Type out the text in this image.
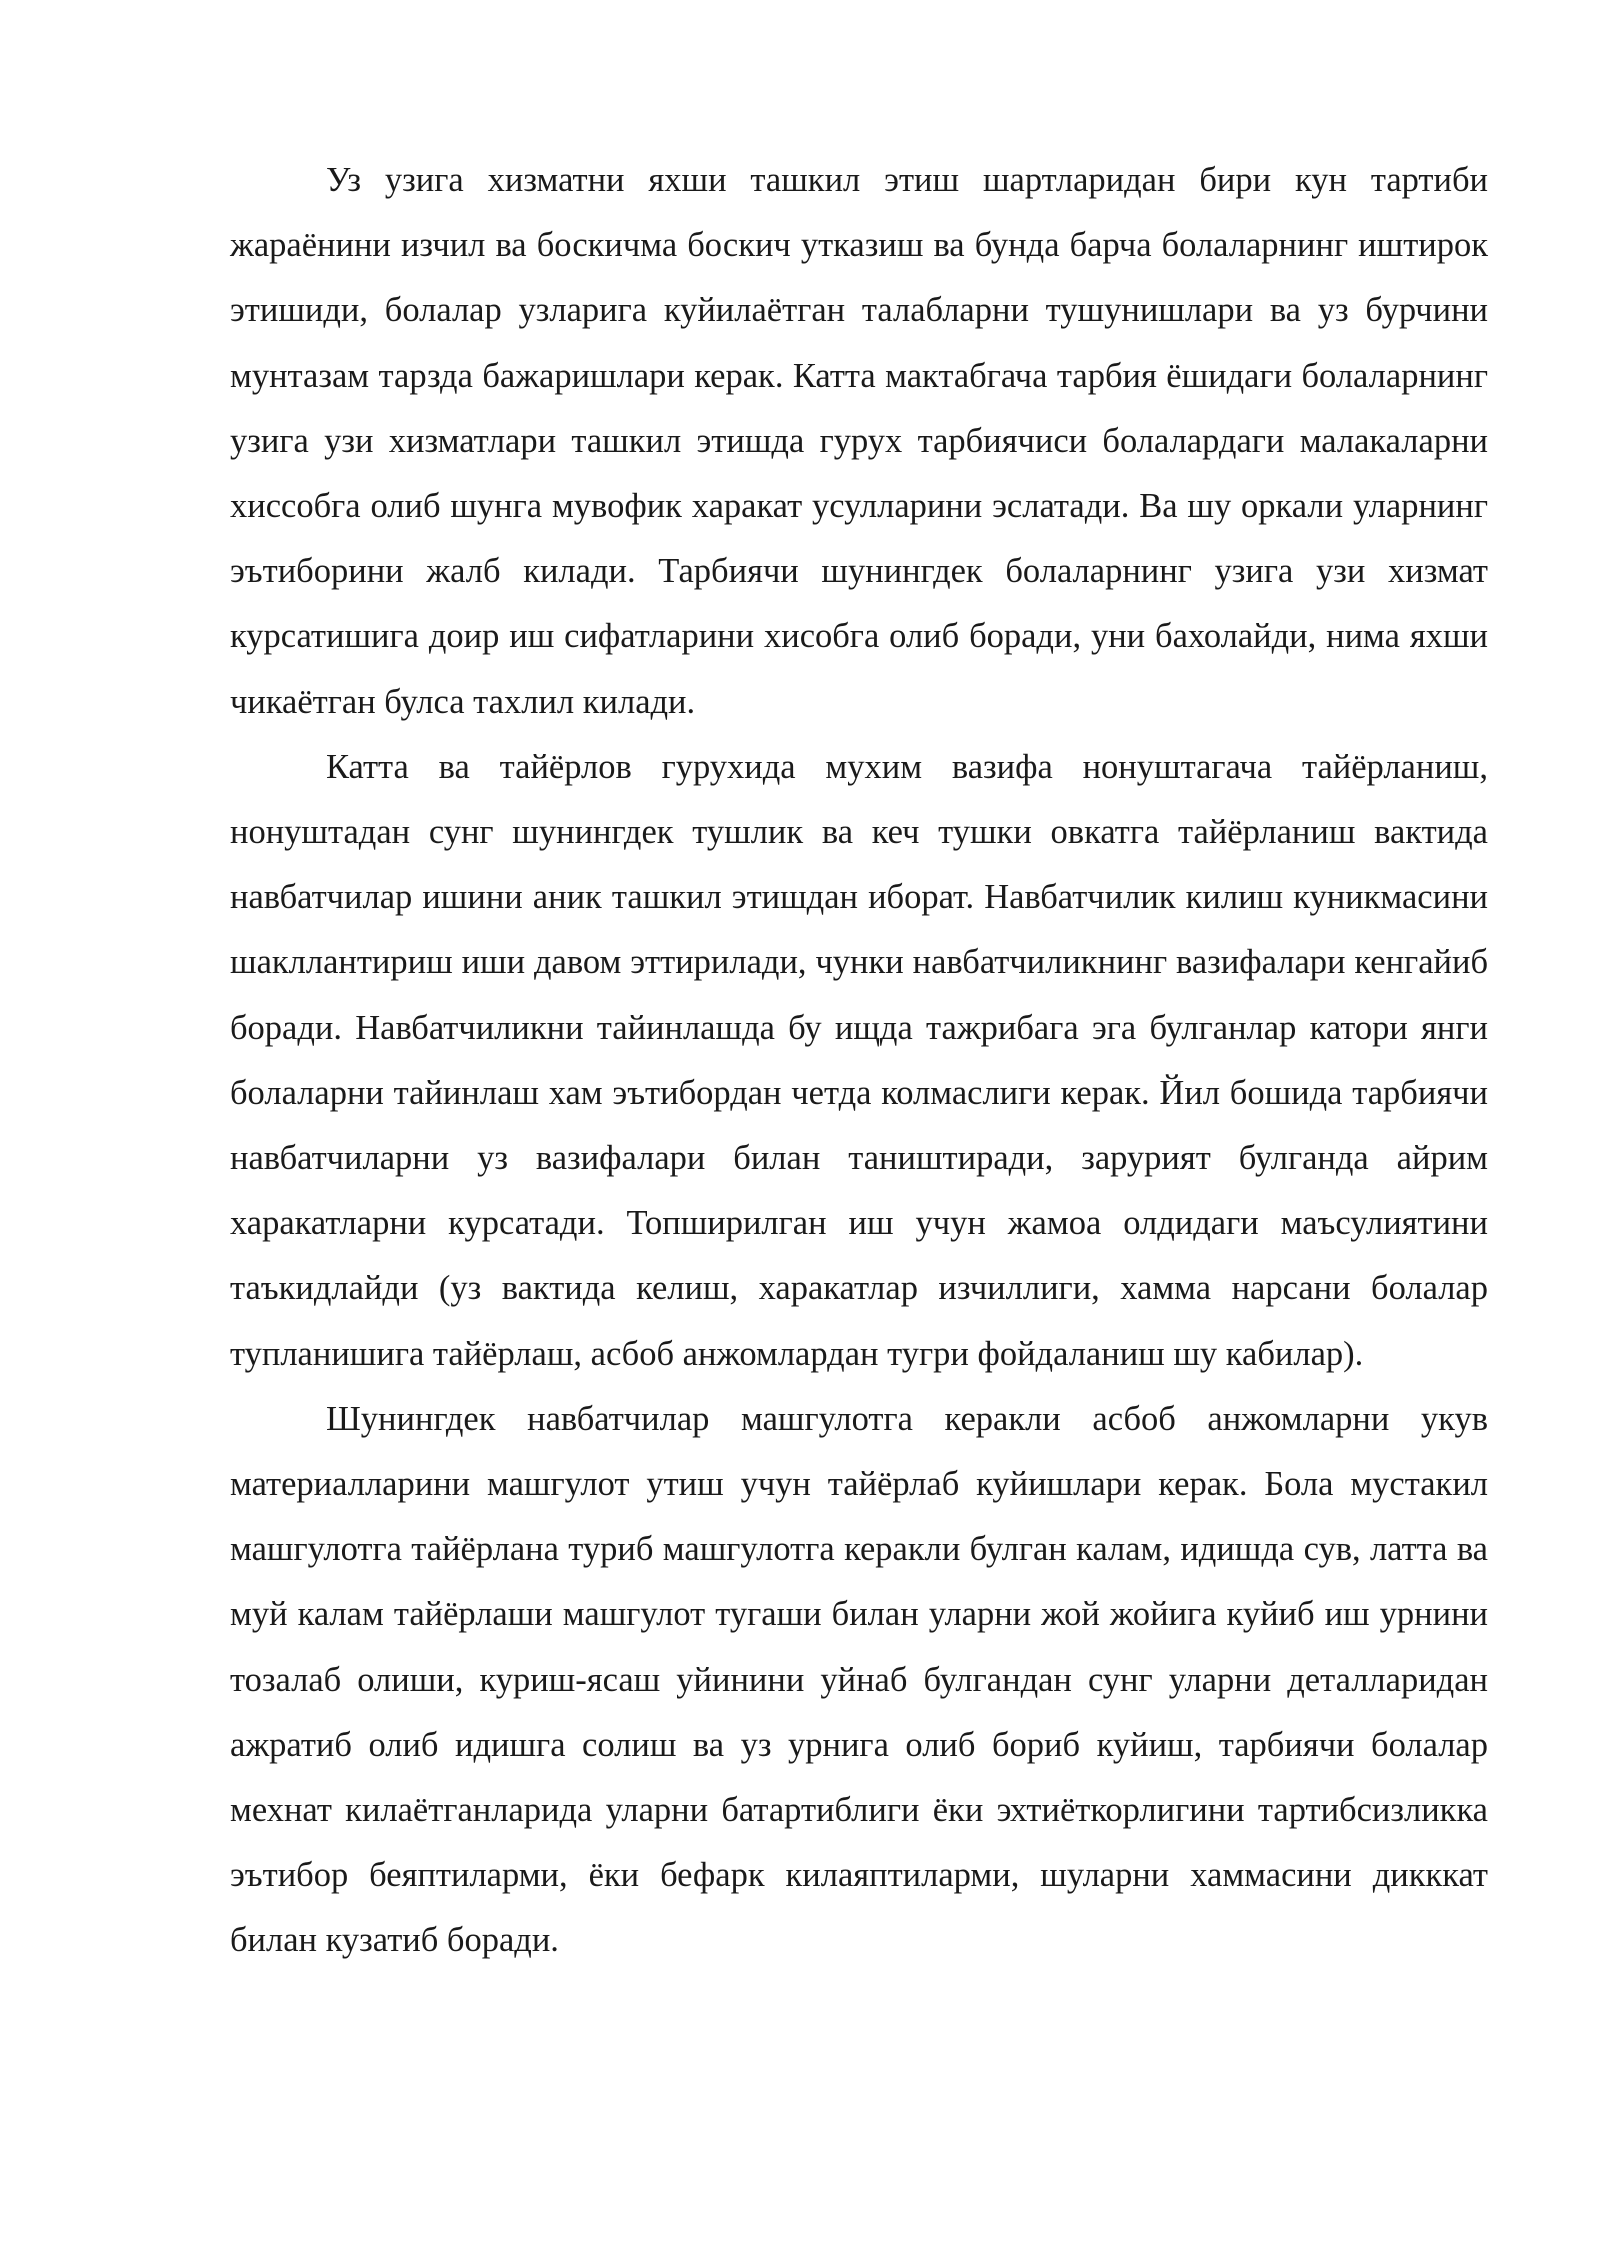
Уз узига хизматни яхши ташкил этиш шартларидан бири кун тартиби жараёнини изчил ва боскичма боскич утказиш ва бунда барча болаларнинг иштирок этишиди, болалар узларига куйилаётган талабларни тушунишлари ва уз бурчини мунтазам тарзда бажаришлари керак. Катта мактабгача тарбия ёшидаги болаларнинг узига узи хизматлари ташкил этишда гурух тарбиячиси болалардаги малакаларни хиссобга олиб шунга мувофик харакат усулларини эслатади. Ва шу оркали уларнинг эътиборини жалб килади. Тарбиячи шунингдек болаларнинг узига узи хизмат курсатишига доир иш сифатларини хисобга олиб боради, уни бахолайди, нима яхши чикаётган булса тахлил килади.

Катта ва тайёрлов гурухида мухим вазифа нонуштагача тайёрланиш, нонуштадан сунг шунингдек тушлик ва кеч тушки овкатга тайёрланиш вактида навбатчилар ишини аник ташкил этишдан иборат. Навбатчилик килиш куникмасини шакллантириш иши давом эттирилади, чунки навбатчиликнинг вазифалари кенгайиб боради. Навбатчиликни тайинлашда бу ищда тажрибага эга булганлар катори янги болаларни тайинлаш хам эътибордан четда колмаслиги керак. Йил бошида тарбиячи навбатчиларни уз вазифалари билан таништиради, зарурият булганда айрим харакатларни курсатади. Топширилган иш учун жамоа олдидаги маъсулиятини таъкидлайди (уз вактида келиш, харакатлар изчиллиги, хамма нарсани болалар тупланишига тайёрлаш, асбоб анжомлардан тугри фойдаланиш шу кабилар).

Шунингдек навбатчилар машгулотга керакли асбоб анжомларни укув материалларини машгулот утиш учун тайёрлаб куйишлари керак. Бола мустакил машгулотга тайёрлана туриб машгулотга керакли булган калам, идишда сув, латта ва муй калам тайёрлаши машгулот тугаши билан уларни жой жойига куйиб иш урнини тозалаб олиши, куриш-ясаш уйинини уйнаб булгандан сунг уларни деталларидан ажратиб олиб идишга солиш ва уз урнига олиб бориб куйиш, тарбиячи болалар мехнат килаётганларида уларни батартиблиги ёки эхтиёткорлигини тартибсизликка эътибор беяптиларми, ёки бефарк килаяптиларми, шуларни хаммасини дикккат билан кузатиб боради.
